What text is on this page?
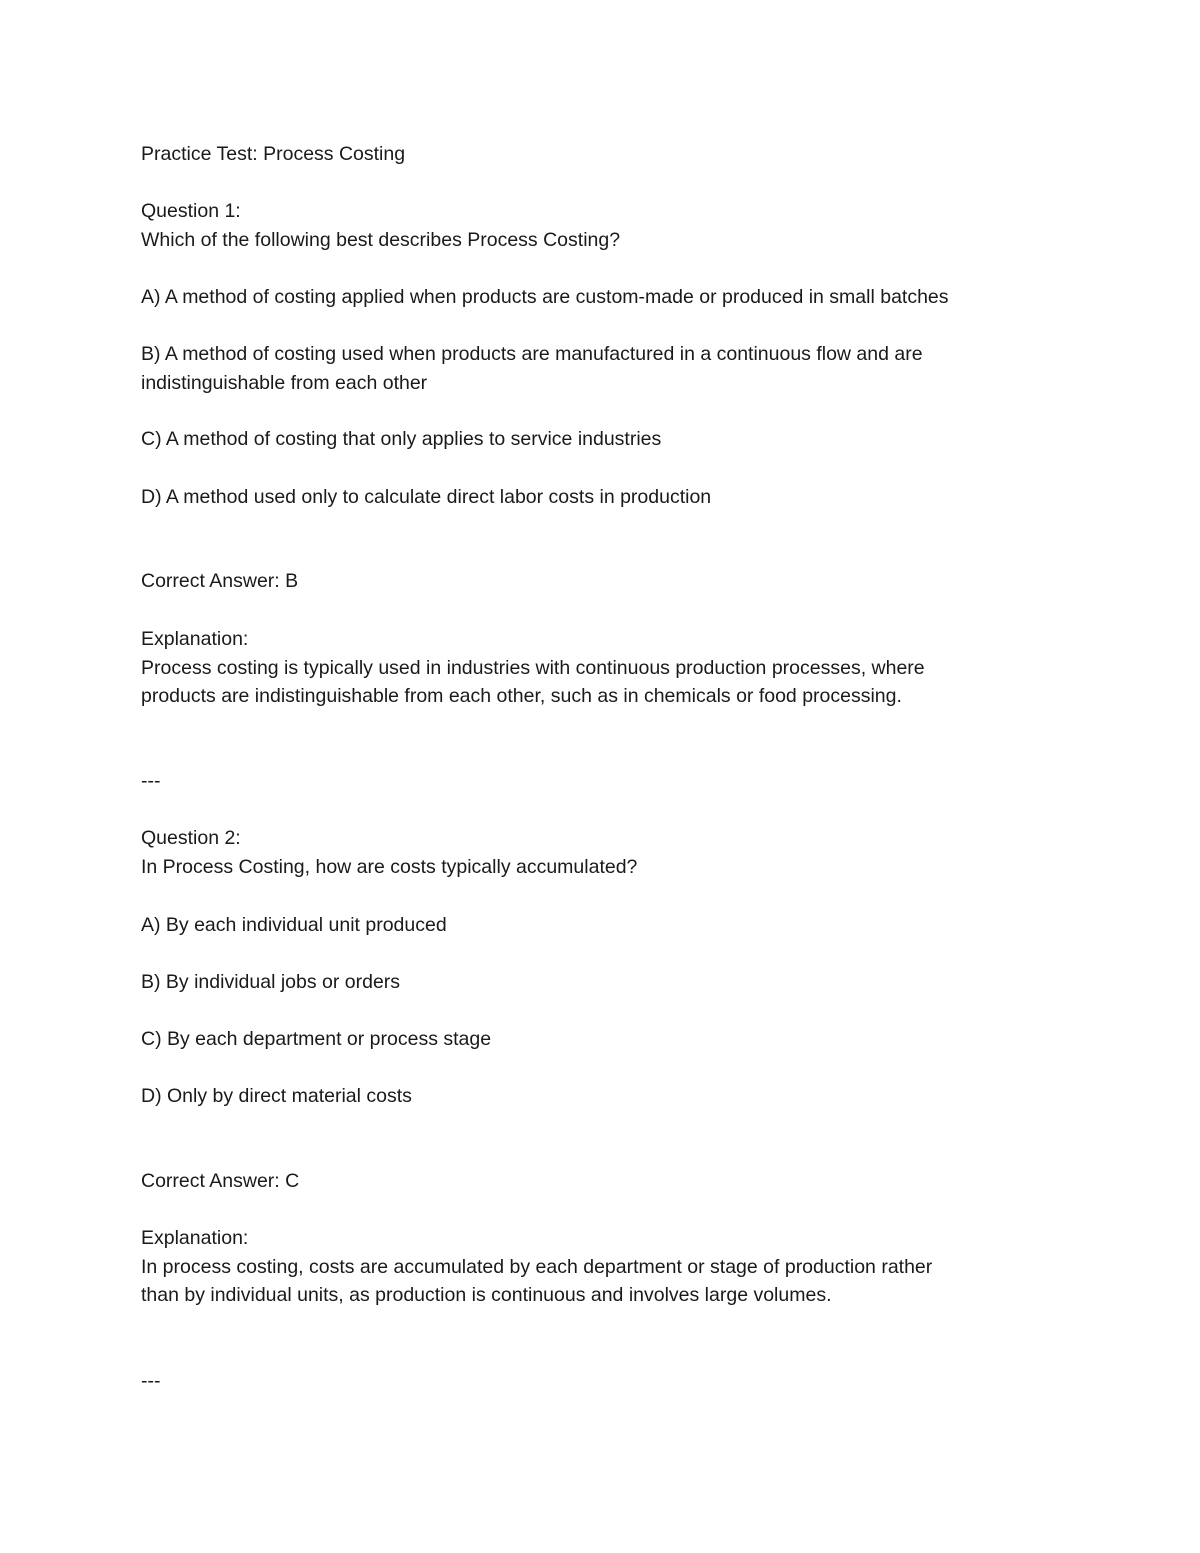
Practice Test: Process Costing
Question 1:
Which of the following best describes Process Costing?
A) A method of costing applied when products are custom-made or produced in small batches
B) A method of costing used when products are manufactured in a continuous flow and are
indistinguishable from each other
C) A method of costing that only applies to service industries
D) A method used only to calculate direct labor costs in production
Correct Answer: B
Explanation:
Process costing is typically used in industries with continuous production processes, where
products are indistinguishable from each other, such as in chemicals or food processing.
---
Question 2:
In Process Costing, how are costs typically accumulated?
A) By each individual unit produced
B) By individual jobs or orders
C) By each department or process stage
D) Only by direct material costs
Correct Answer: C
Explanation:
In process costing, costs are accumulated by each department or stage of production rather
than by individual units, as production is continuous and involves large volumes.
---
